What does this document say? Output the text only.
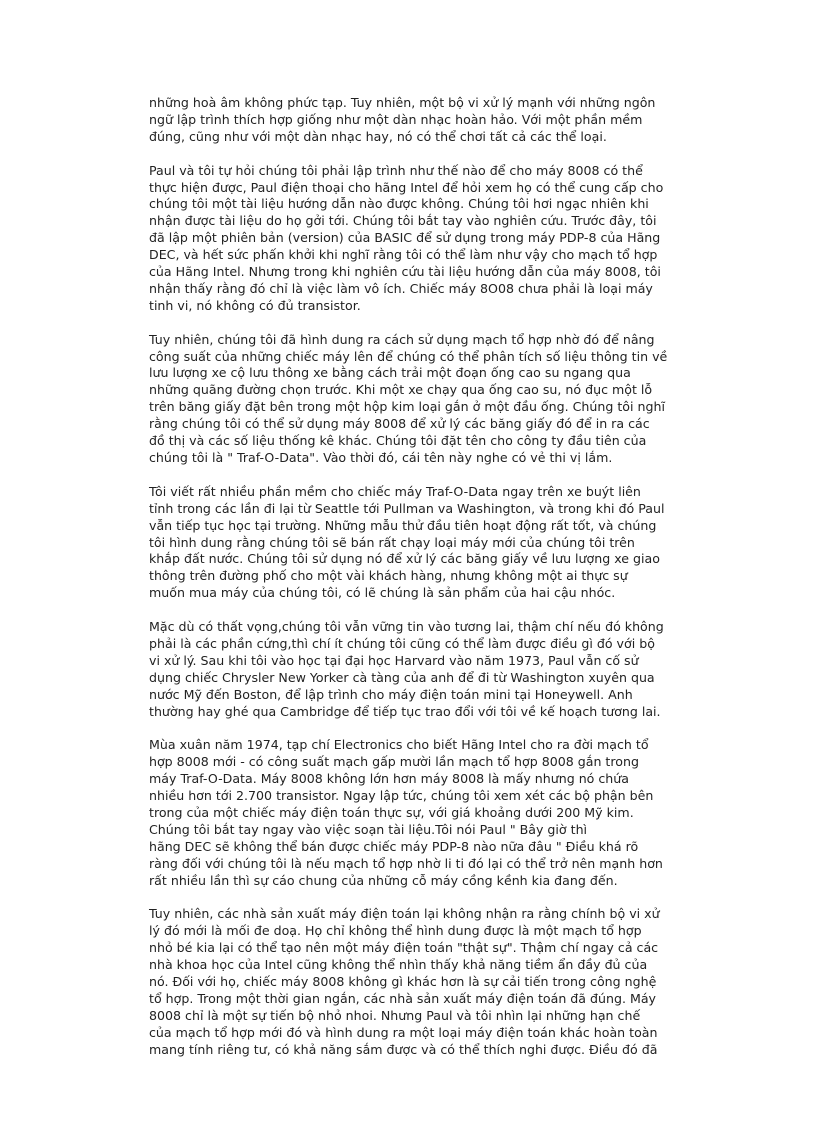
những hoà âm không phức tạp. Tuy nhiên, một bộ vi xử lý mạnh với những ngôn
ngữ lập trình thích hợp giống như một dàn nhạc hoàn hảo. Với một phần mềm
đúng, cũng như với một dàn nhạc hay, nó có thể chơi tất cả các thể loại.

Paul và tôi tự hỏi chúng tôi phải lập trình như thế nào để cho máy 8008 có thể
thực hiện được, Paul điện thoại cho hãng Intel để hỏi xem họ có thể cung cấp cho
chúng tôi một tài liệu hướng dẫn nào được không. Chúng tôi hơi ngạc nhiên khi
nhận được tài liệu do họ gởi tới. Chúng tôi bắt tay vào nghiên cứu. Trước đây, tôi
đã lập một phiên bản (version) của BASIC để sử dụng trong máy PDP-8 của Hãng
DEC, và hết sức phấn khởi khi nghĩ rằng tôi có thể làm như vậy cho mạch tổ hợp
của Hãng Intel. Nhưng trong khi nghiên cứu tài liệu hướng dẫn của máy 8008, tôi
nhận thấy rằng đó chỉ là việc làm vô ích. Chiếc máy 8O08 chưa phải là loại máy
tinh vi, nó không có đủ transistor.

Tuy nhiên, chúng tôi đã hình dung ra cách sử dụng mạch tổ hợp nhờ đó để nâng
công suất của những chiếc máy lên để chúng có thể phân tích số liệu thông tin về
lưu lượng xe cộ lưu thông xe bằng cách trải một đoạn ống cao su ngang qua
những quãng đường chọn trước. Khi một xe chạy qua ống cao su, nó đục một lỗ
trên băng giấy đặt bên trong một hộp kim loại gắn ở một đầu ống. Chúng tôi nghĩ
rằng chúng tôi có thể sử dụng máy 8008 để xử lý các băng giấy đó để in ra các
đồ thị và các số liệu thống kê khác. Chúng tôi đặt tên cho công ty đầu tiên của
chúng tôi là " Traf-O-Data". Vào thời đó, cái tên này nghe có vẻ thi vị lắm.

Tôi viết rất nhiều phần mềm cho chiếc máy Traf-O-Data ngay trên xe buýt liên
tỉnh trong các lần đi lại từ Seattle tới Pullman va Washington, và trong khi đó Paul
vẫn tiếp tục học tại trường. Những mẫu thử đầu tiên hoạt động rất tốt, và chúng
tôi hình dung rằng chúng tôi sẽ bán rất chạy loại máy mới của chúng tôi trên
khắp đất nước. Chúng tôi sử dụng nó để xử lý các băng giấy về lưu lượng xe giao
thông trên đường phố cho một vài khách hàng, nhưng không một ai thực sự
muốn mua máy của chúng tôi, có lẽ chúng là sản phẩm của hai cậu nhóc.

Mặc dù có thất vọng,chúng tôi vẫn vững tin vào tương lai, thậm chí nếu đó không
phải là các phần cứng,thì chí ít chúng tôi cũng có thể làm được điều gì đó với bộ
vi xử lý. Sau khi tôi vào học tại đại học Harvard vào năm 1973, Paul vẫn cố sử
dụng chiếc Chrysler New Yorker cà tàng của anh để đi từ Washington xuyên qua
nước Mỹ đến Boston, để lập trình cho máy điện toán mini tại Honeywell. Anh
thường hay ghé qua Cambridge để tiếp tục trao đổi với tôi về kế hoạch tương lai.

Mùa xuân năm 1974, tạp chí Electronics cho biết Hãng Intel cho ra đời mạch tổ
hợp 8008 mới - có công suất mạch gấp mười lần mạch tổ hợp 8008 gắn trong
máy Traf-O-Data. Máy 8008 không lớn hơn máy 8008 là mấy nhưng nó chứa
nhiều hơn tới 2.700 transistor. Ngay lập tức, chúng tôi xem xét các bộ phận bên
trong của một chiếc máy điện toán thực sự, với giá khoảng dưới 200 Mỹ kim.
Chúng tôi bắt tay ngay vào việc soạn tài liệu.Tôi nói Paul " Bây giờ thì
hãng DEC sẽ không thể bán được chiếc máy PDP-8 nào nữa đâu " Điều khá rõ
ràng đối với chúng tôi là nếu mạch tổ hợp nhờ li ti đó lại có thể trở nên mạnh hơn
rất nhiều lần thì sự cáo chung của những cỗ máy cồng kềnh kia đang đến.

Tuy nhiên, các nhà sản xuất máy điện toán lại không nhận ra rằng chính bộ vi xử
lý đó mới là mối đe doạ. Họ chỉ không thể hình dung được là một mạch tổ hợp
nhỏ bé kia lại có thể tạo nên một máy điện toán "thật sự". Thậm chí ngay cả các
nhà khoa học của Intel cũng không thể nhìn thấy khả năng tiềm ẩn đầy đủ của
nó. Đối với họ, chiếc máy 8008 không gì khác hơn là sự cải tiến trong công nghệ
tổ hợp. Trong một thời gian ngắn, các nhà sản xuất máy điện toán đã đúng. Máy
8008 chỉ là một sự tiến bộ nhỏ nhoi. Nhưng Paul và tôi nhìn lại những hạn chế
của mạch tổ hợp mới đó và hình dung ra một loại máy điện toán khác hoàn toàn
mang tính riêng tư, có khả năng sắm được và có thể thích nghi được. Điều đó đã
